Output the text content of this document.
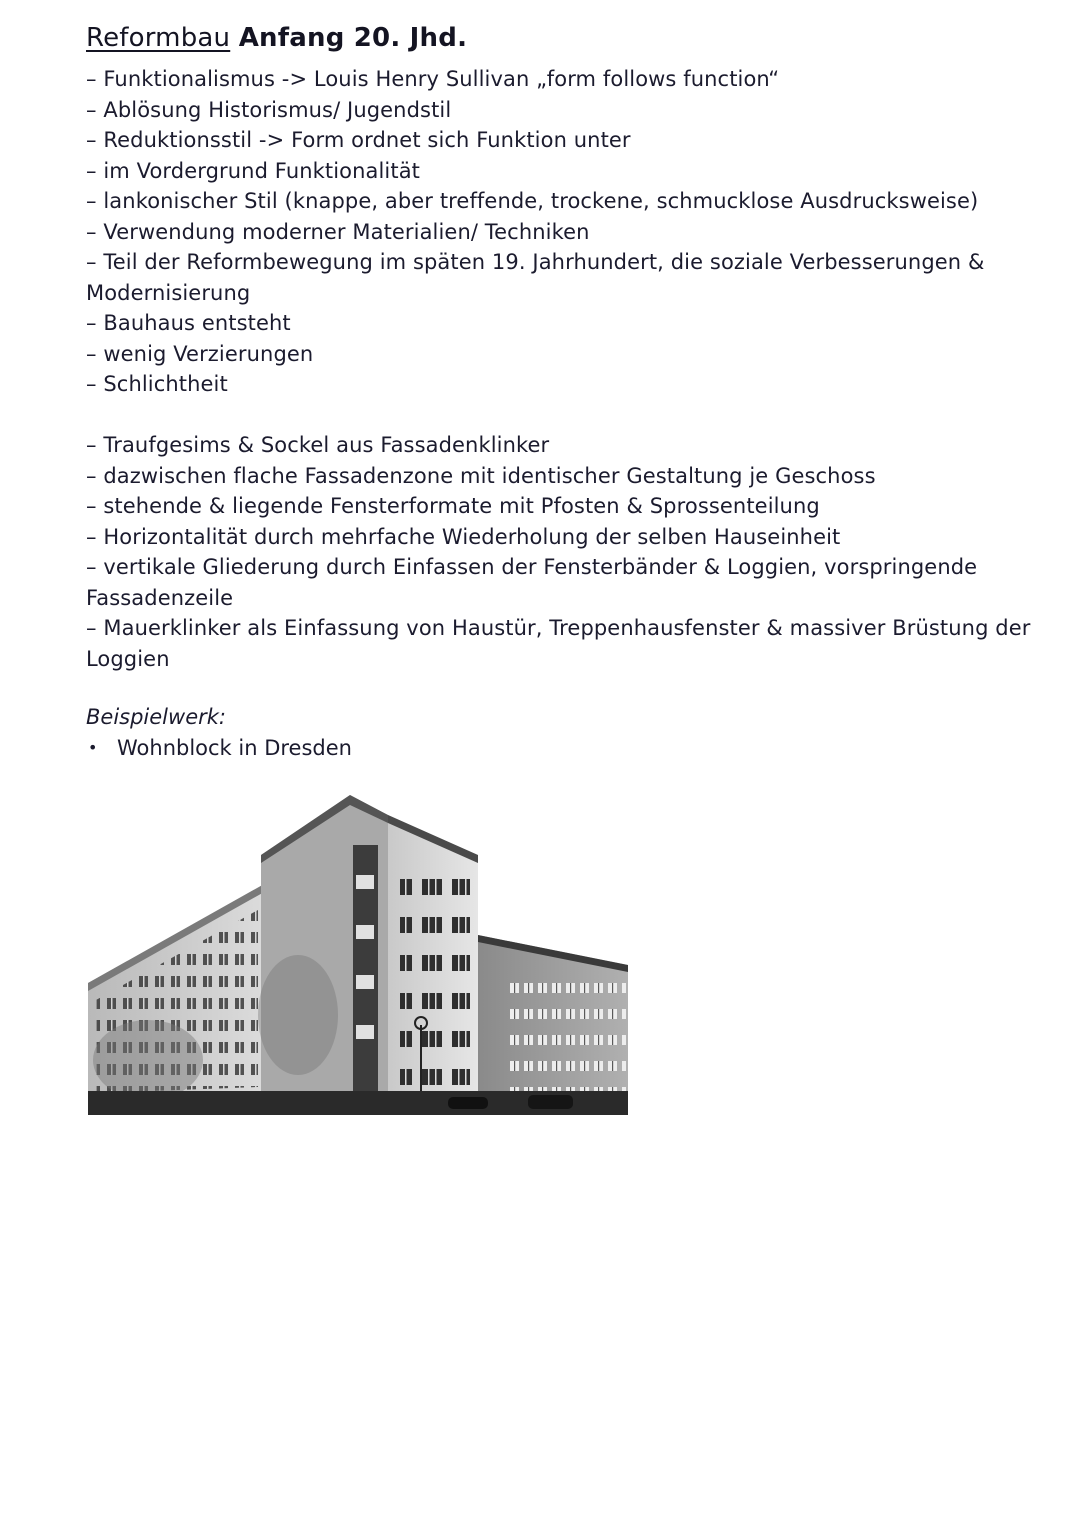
Reformbau Anfang 20. Jhd.
– Funktionalismus -> Louis Henry Sullivan „form follows function“
– Ablösung Historismus/ Jugendstil
– Reduktionsstil -> Form ordnet sich Funktion unter
– im Vordergrund Funktionalität
– lankonischer Stil (knappe, aber treffende, trockene, schmucklose Ausdrucksweise)
– Verwendung moderner Materialien/ Techniken
– Teil der Reformbewegung im späten 19. Jahrhundert, die soziale Verbesserungen & Modernisierung
– Bauhaus entsteht
– wenig Verzierungen
– Schlichtheit
– Traufgesims & Sockel aus Fassadenklinker
– dazwischen flache Fassadenzone mit identischer Gestaltung je Geschoss
– stehende & liegende Fensterformate mit Pfosten & Sprossenteilung
– Horizontalität durch mehrfache Wiederholung der selben Hauseinheit
– vertikale Gliederung durch Einfassen der Fensterbänder & Loggien, vorspringende Fassadenzeile
– Mauerklinker als Einfassung von Haustür, Treppenhausfenster & massiver Brüstung der Loggien
Beispielwerk:
• Wohnblock in Dresden
